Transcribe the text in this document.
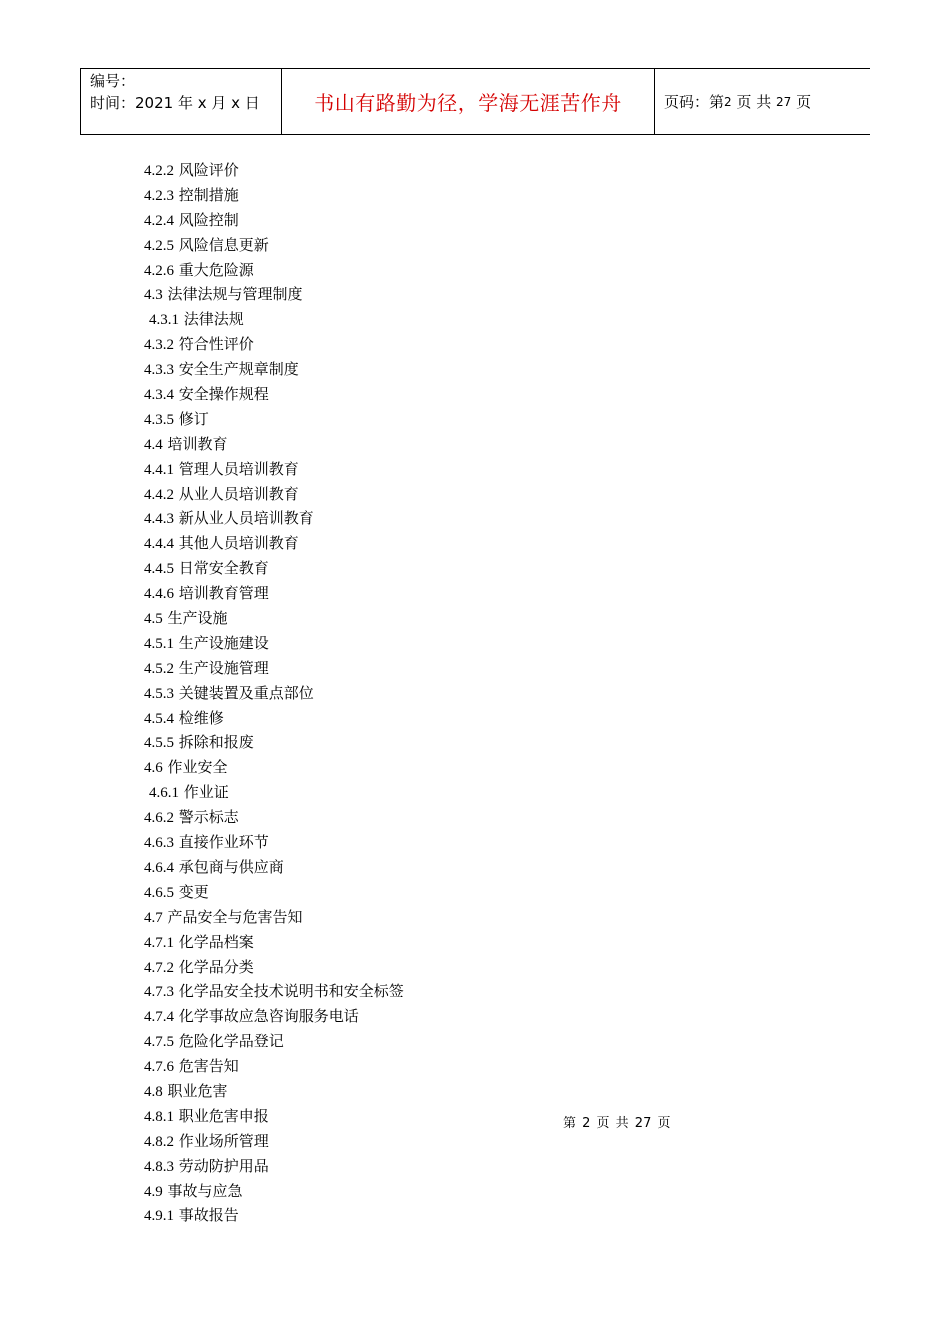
编号：
时间：2021 年 x 月 x 日	书山有路勤为径，学海无涯苦作舟	页码：第 2
页 共
27
页
4.2.2 风险评价
4.2.3 控制措施
4.2.4 风险控制
4.2.5 风险信息更新
4.2.6 重大危险源
4.3 法律法规与管理制度
4.3.1 法律法规
4.3.2 符合性评价
4.3.3 安全生产规章制度
4.3.4 安全操作规程
4.3.5 修订
4.4 培训教育
4.4.1 管理人员培训教育
4.4.2 从业人员培训教育
4.4.3 新从业人员培训教育
4.4.4 其他人员培训教育
4.4.5 日常安全教育
4.4.6 培训教育管理
4.5 生产设施
4.5.1 生产设施建设
4.5.2 生产设施管理
4.5.3 关键装置及重点部位
4.5.4 检维修
4.5.5 拆除和报废
4.6 作业安全
4.6.1 作业证
4.6.2 警示标志
4.6.3 直接作业环节
4.6.4 承包商与供应商
4.6.5 变更
4.7 产品安全与危害告知
4.7.1 化学品档案
4.7.2 化学品分类
4.7.3 化学品安全技术说明书和安全标签
4.7.4 化学事故应急咨询服务电话
4.7.5 危险化学品登记
4.7.6 危害告知
4.8 职业危害
4.8.1 职业危害申报
4.8.2 作业场所管理
4.8.3 劳动防护用品
4.9 事故与应急
4.9.1 事故报告
第 2 页 共 27 页
